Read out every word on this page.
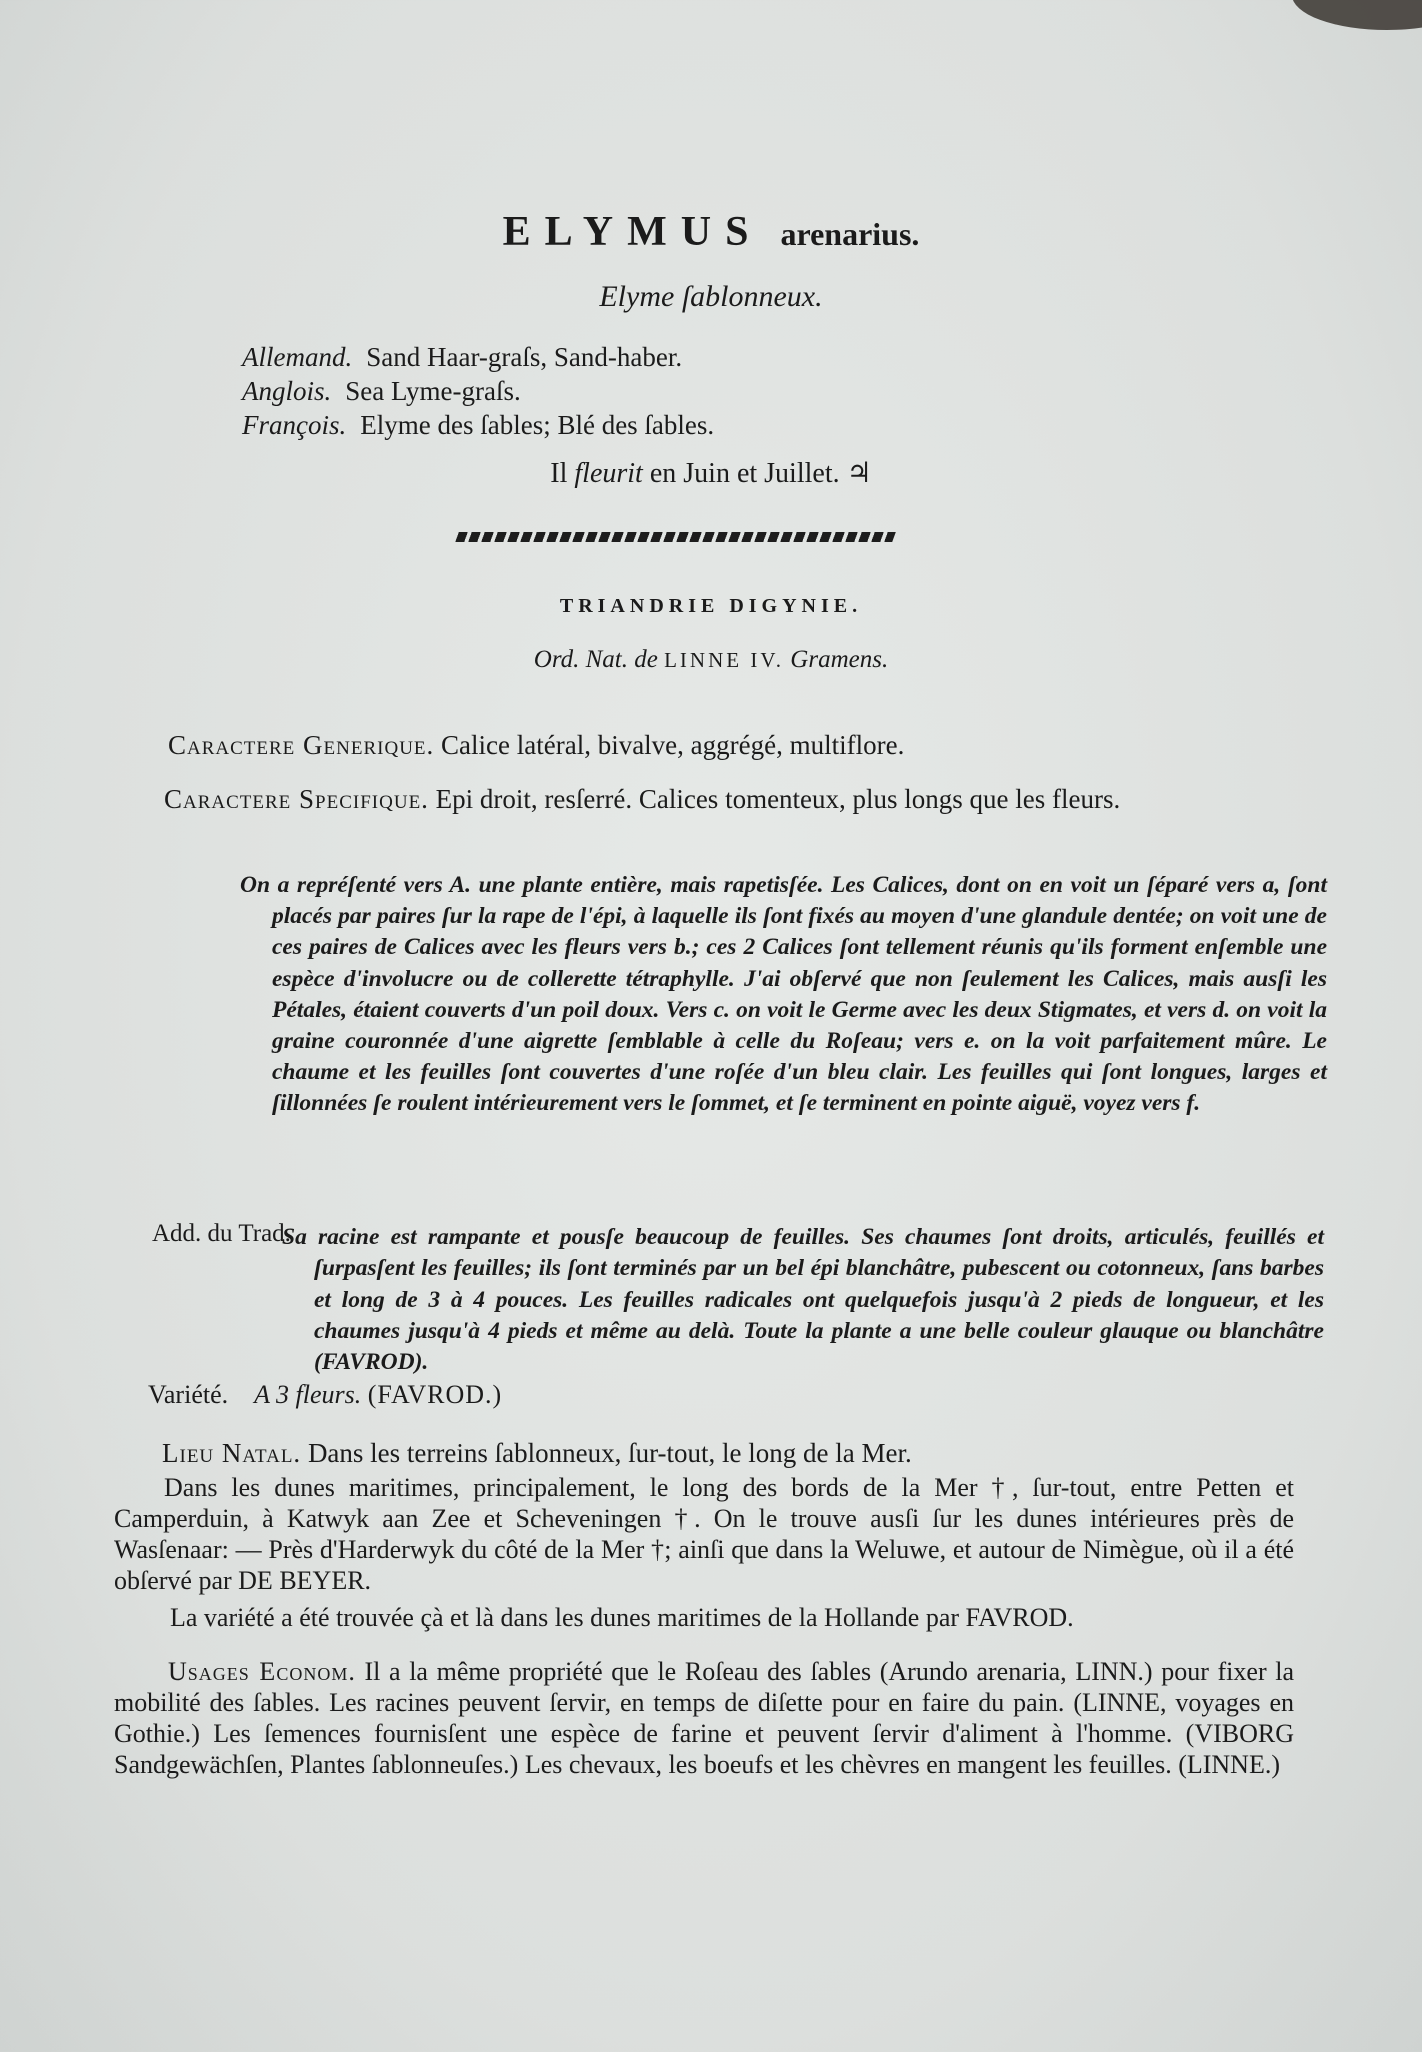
ELYMUS arenarius.
Elyme ſablonneux.
Allemand. Sand Haar-graſs, Sand-haber.
Anglois. Sea Lyme-graſs.
François. Elyme des ſables; Blé des ſables.
Il fleurit en Juin et Juillet. ♃
TRIANDRIE DIGYNIE.
Ord. Nat. de LINNE IV. Gramens.
Caractere Generique. Calice latéral, bivalve, aggrégé, multiflore.
Caractere Specifique. Epi droit, resſerré. Calices tomenteux, plus longs que les fleurs.
On a repréſenté vers A. une plante entière, mais rapetisſée. Les Calices, dont on en voit un ſéparé vers a, ſont placés par paires ſur la rape de l'épi, à laquelle ils ſont fixés au moyen d'une glandule dentée; on voit une de ces paires de Calices avec les fleurs vers b.; ces 2 Calices ſont tellement réunis qu'ils forment enſemble une espèce d'involucre ou de collerette tétraphylle. J'ai obſervé que non ſeulement les Calices, mais ausſi les Pétales, étaient couverts d'un poil doux. Vers c. on voit le Germe avec les deux Stigmates, et vers d. on voit la graine couronnée d'une aigrette ſemblable à celle du Roſeau; vers e. on la voit parfaitement mûre. Le chaume et les feuilles ſont couvertes d'une roſée d'un bleu clair. Les feuilles qui ſont longues, larges et ſillonnées ſe roulent intérieurement vers le ſommet, et ſe terminent en pointe aiguë, voyez vers f.
Add. du Trad.
Sa racine est rampante et pousſe beaucoup de feuilles. Ses chaumes ſont droits, articulés, feuillés et ſurpasſent les feuilles; ils ſont terminés par un bel épi blanchâtre, pubescent ou cotonneux, ſans barbes et long de 3 à 4 pouces. Les feuilles radicales ont quelquefois jusqu'à 2 pieds de longueur, et les chaumes jusqu'à 4 pieds et même au delà. Toute la plante a une belle couleur glauque ou blanchâtre (FAVROD).
Variété. A 3 fleurs. (FAVROD.)
Lieu Natal. Dans les terreins ſablonneux, ſur-tout, le long de la Mer.
Dans les dunes maritimes, principalement, le long des bords de la Mer †, ſur-tout, entre Petten et Camperduin, à Katwyk aan Zee et Scheveningen †. On le trouve ausſi ſur les dunes intérieures près de Wasſenaar: — Près d'Harderwyk du côté de la Mer †; ainſi que dans la Weluwe, et autour de Nimègue, où il a été obſervé par DE BEYER.
La variété a été trouvée çà et là dans les dunes maritimes de la Hollande par FAVROD.
Usages Econom. Il a la même propriété que le Roſeau des ſables (Arundo arenaria, LINN.) pour fixer la mobilité des ſables. Les racines peuvent ſervir, en temps de diſette pour en faire du pain. (LINNE, voyages en Gothie.) Les ſemences fournisſent une espèce de farine et peuvent ſervir d'aliment à l'homme. (VIBORG Sandgewächſen, Plantes ſablonneuſes.) Les chevaux, les boeufs et les chèvres en mangent les feuilles. (LINNE.)
